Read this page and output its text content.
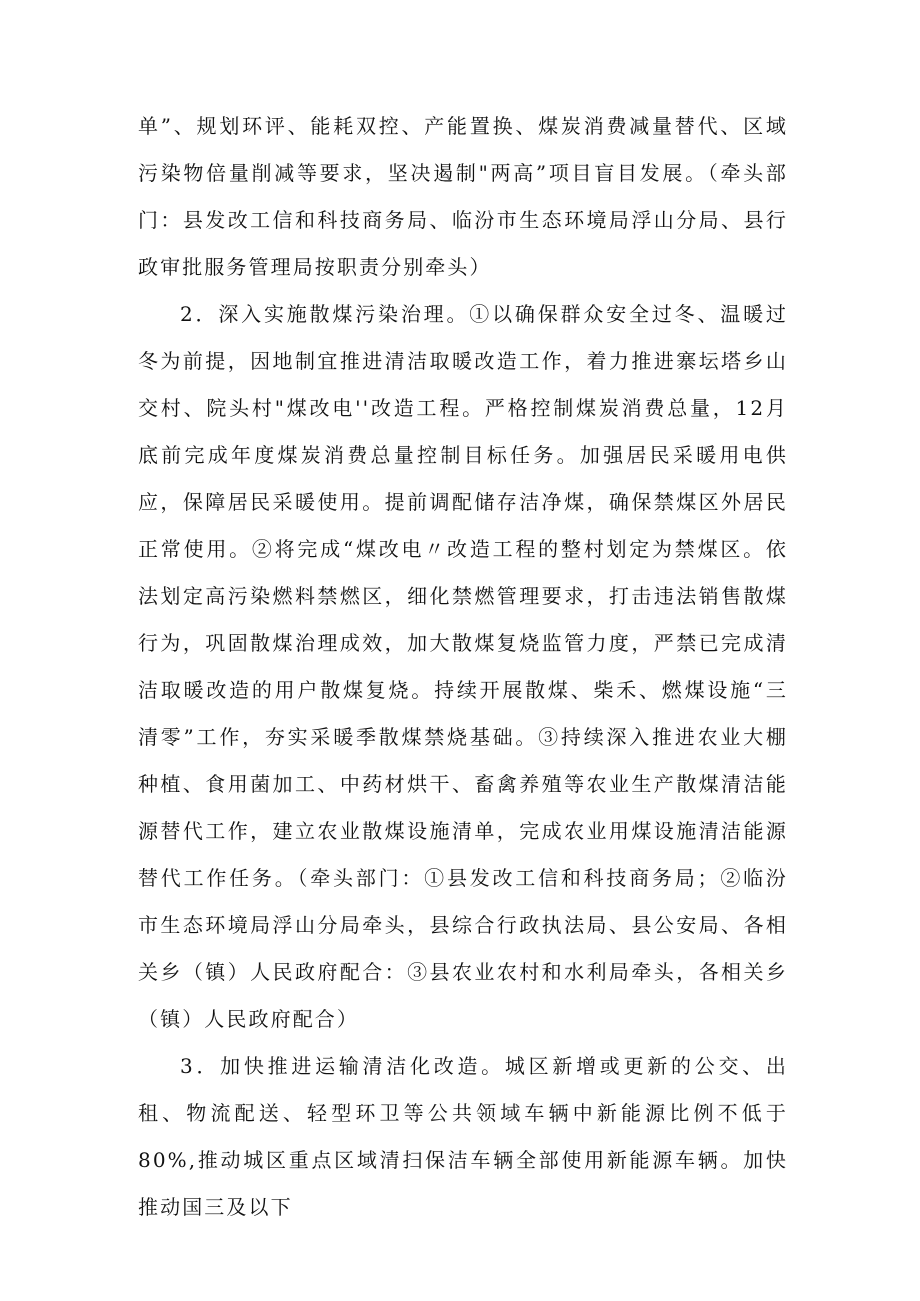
单”、规划环评、能耗双控、产能置换、煤炭消费减量替代、区域污染物倍量削减等要求，坚决遏制"两高”项目盲目发展。（牵头部门：县发改工信和科技商务局、临汾市生态环境局浮山分局、县行政审批服务管理局按职责分别牵头）

2．深入实施散煤污染治理。①以确保群众安全过冬、温暖过冬为前提，因地制宜推进清洁取暖改造工作，着力推进寨坛塔乡山交村、院头村"煤改电''改造工程。严格控制煤炭消费总量，12月底前完成年度煤炭消费总量控制目标任务。加强居民采暖用电供应，保障居民采暖使用。提前调配储存洁净煤，确保禁煤区外居民正常使用。②将完成“煤改电〃改造工程的整村划定为禁煤区。依法划定高污染燃料禁燃区，细化禁燃管理要求，打击违法销售散煤行为，巩固散煤治理成效，加大散煤复烧监管力度，严禁已完成清洁取暖改造的用户散煤复烧。持续开展散煤、柴禾、燃煤设施“三清零”工作，夯实采暖季散煤禁烧基础。③持续深入推进农业大棚种植、食用菌加工、中药材烘干、畜禽养殖等农业生产散煤清洁能源替代工作，建立农业散煤设施清单，完成农业用煤设施清洁能源替代工作任务。（牵头部门：①县发改工信和科技商务局；②临汾市生态环境局浮山分局牵头，县综合行政执法局、县公安局、各相关乡（镇）人民政府配合：③县农业农村和水利局牵头，各相关乡（镇）人民政府配合）

3．加快推进运输清洁化改造。城区新增或更新的公交、出租、物流配送、轻型环卫等公共领域车辆中新能源比例不低于80%,推动城区重点区域清扫保洁车辆全部使用新能源车辆。加快推动国三及以下
